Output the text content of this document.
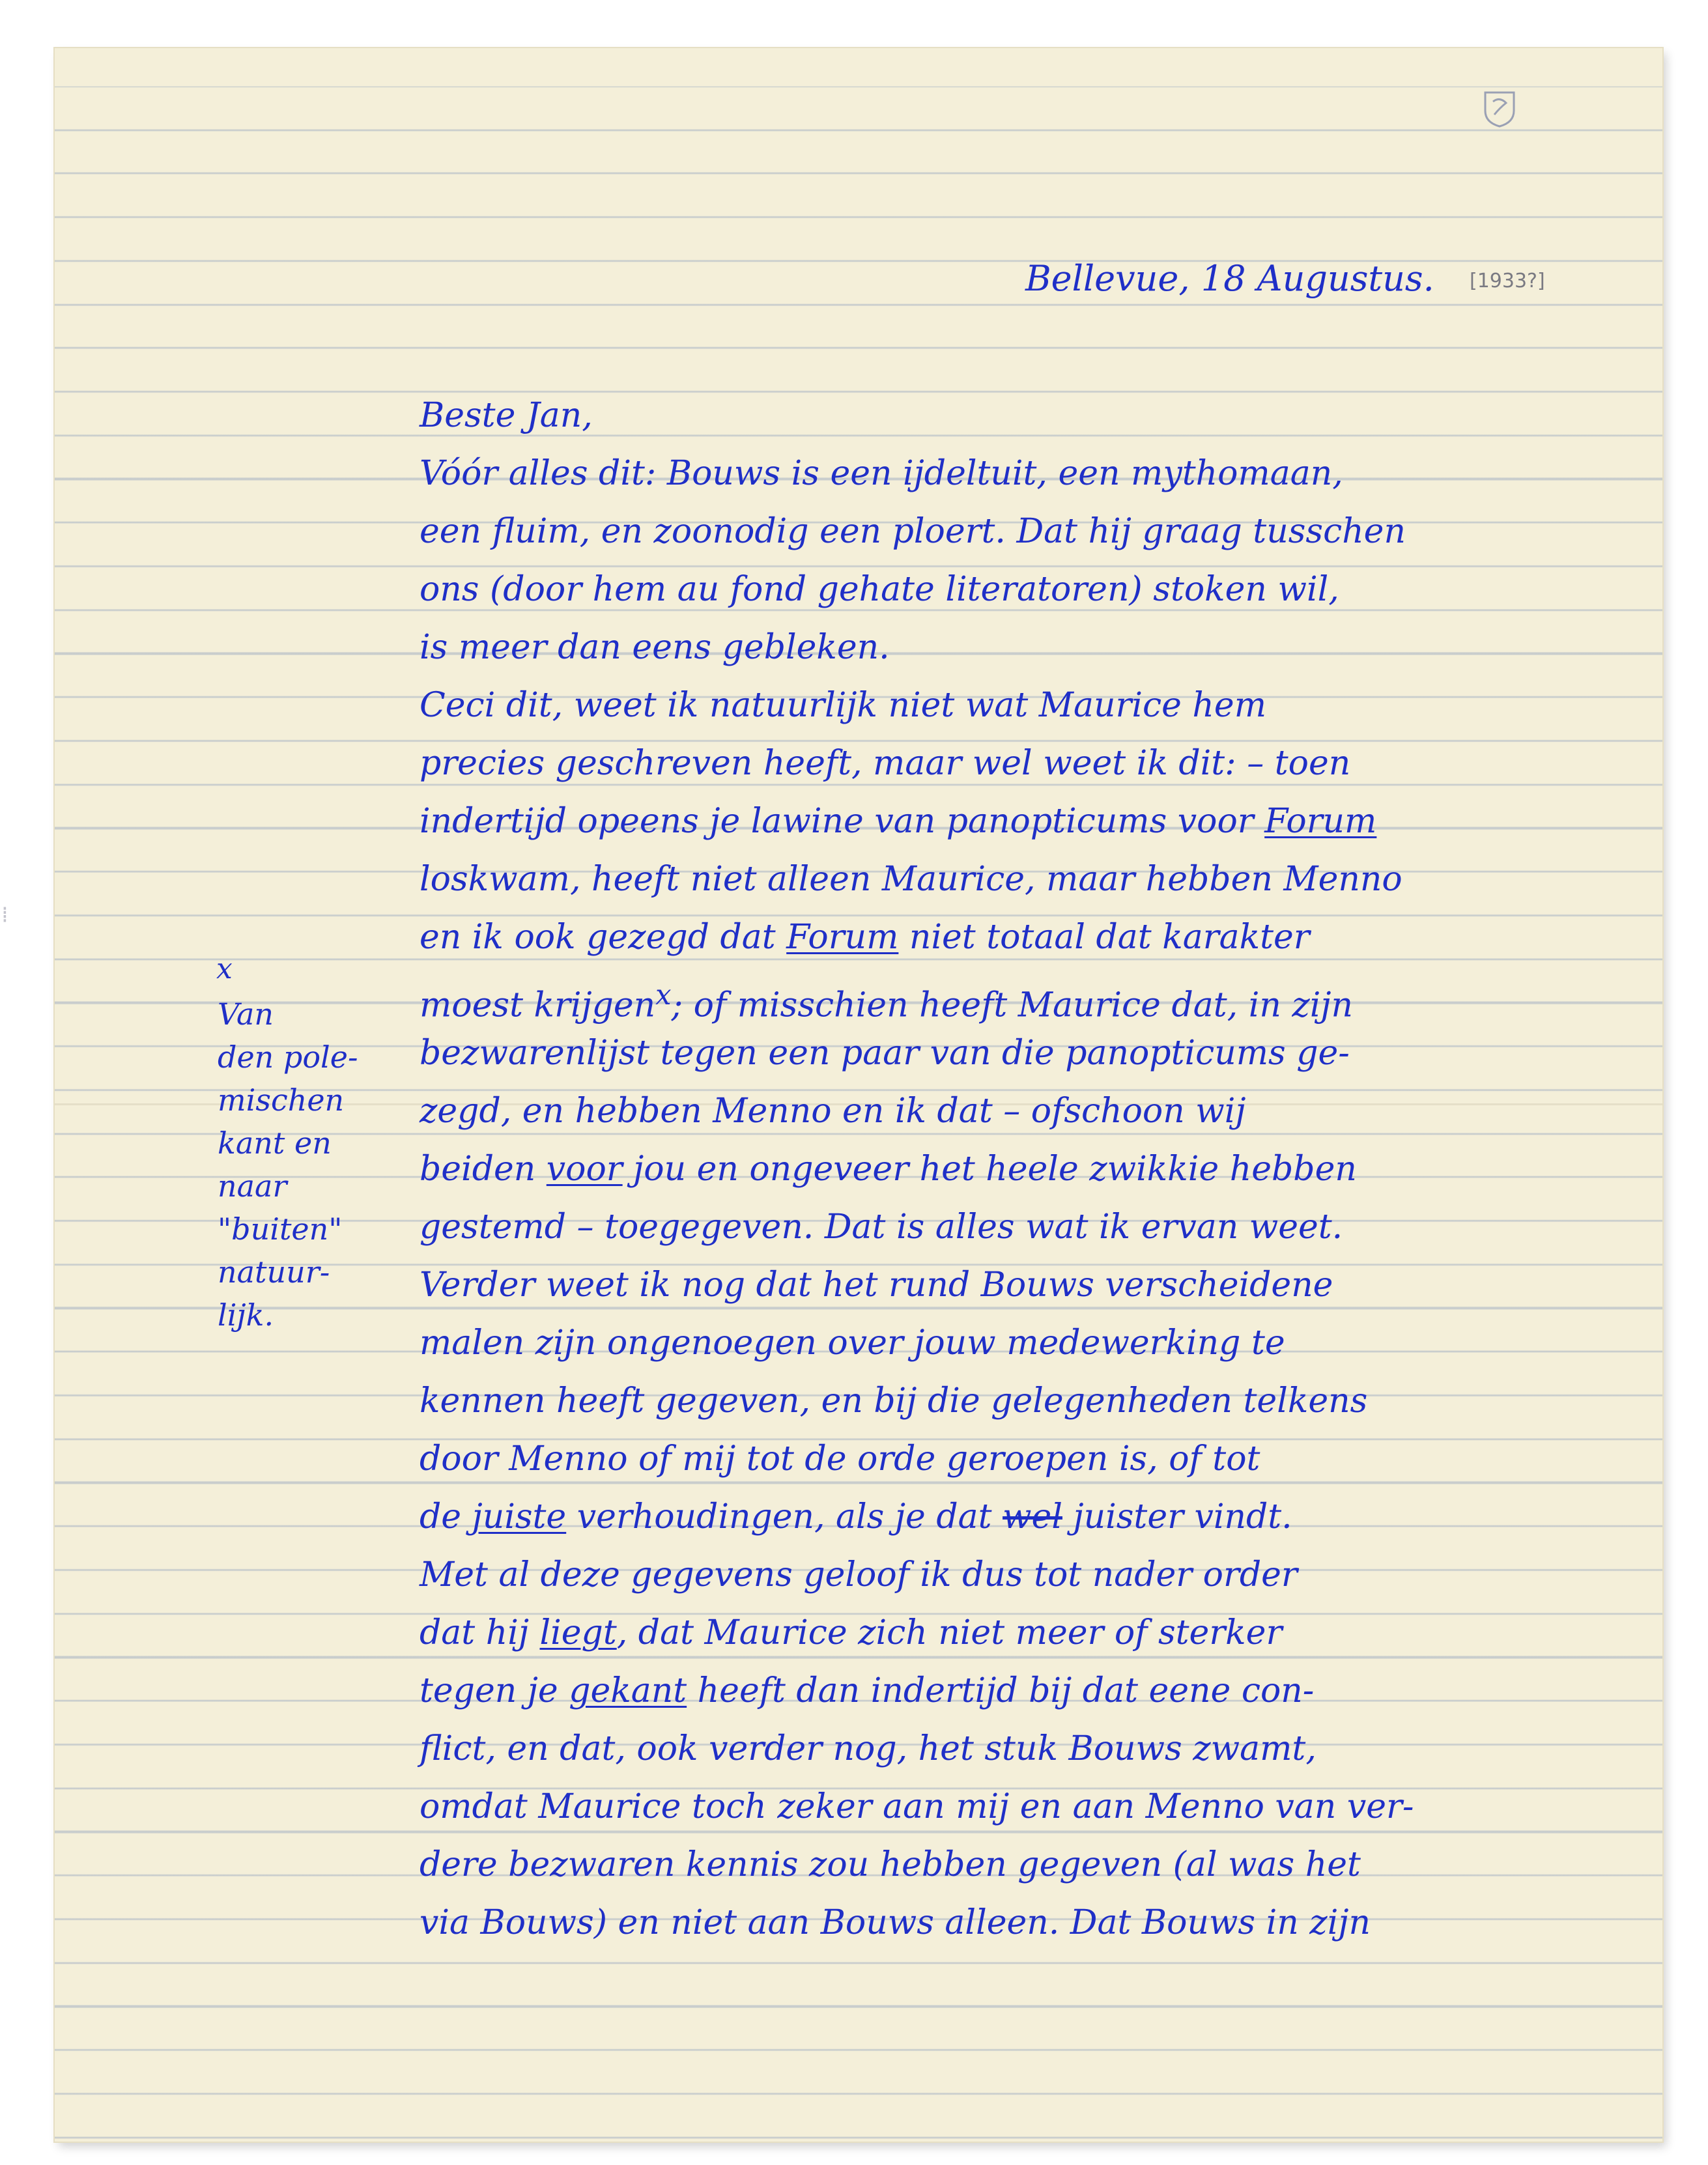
Bellevue, 18 Augustus. [1933?]
Beste Jan,
Vóór alles dit: Bouws is een ijdeltuit, een mythomaan,
een fluim, en zoonodig een ploert. Dat hij graag tusschen
ons (door hem au fond gehate literatoren) stoken wil,
is meer dan eens gebleken.
Ceci dit, weet ik natuurlijk niet wat Maurice hem
precies geschreven heeft, maar wel weet ik dit: – toen
indertijd opeens je lawine van panopticums voor Forum
loskwam, heeft niet alleen Maurice, maar hebben Menno
en ik ook gezegd dat Forum niet totaal dat karakter
moest krijgen$^x$; of misschien heeft Maurice dat, in zijn
bezwarenlijst tegen een paar van die panopticums ge-
zegd, en hebben Menno en ik dat – ofschoon wij
beiden voor jou en ongeveer het heele zwikkie hebben
gestemd – toegegeven. Dat is alles wat ik ervan weet.
Verder weet ik nog dat het rund Bouws verscheidene
malen zijn ongenoegen over jouw medewerking te
kennen heeft gegeven, en bij die gelegenheden telkens
door Menno of mij tot de orde geroepen is, of tot
de juiste verhoudingen, als je dat wel juister vindt.
Met al deze gegevens geloof ik dus tot nader order
dat hij liegt, dat Maurice zich niet meer of sterker
tegen je gekant heeft dan indertijd bij dat eene con-
flict, en dat, ook verder nog, het stuk Bouws zwamt,
omdat Maurice toch zeker aan mij en aan Menno van ver-
dere bezwaren kennis zou hebben gegeven (al was het
via Bouws) en niet aan Bouws alleen. Dat Bouws in zijn
x
Van
den pole-
mischen
kant en
naar
"buiten"
natuur-
lijk.
⁞
